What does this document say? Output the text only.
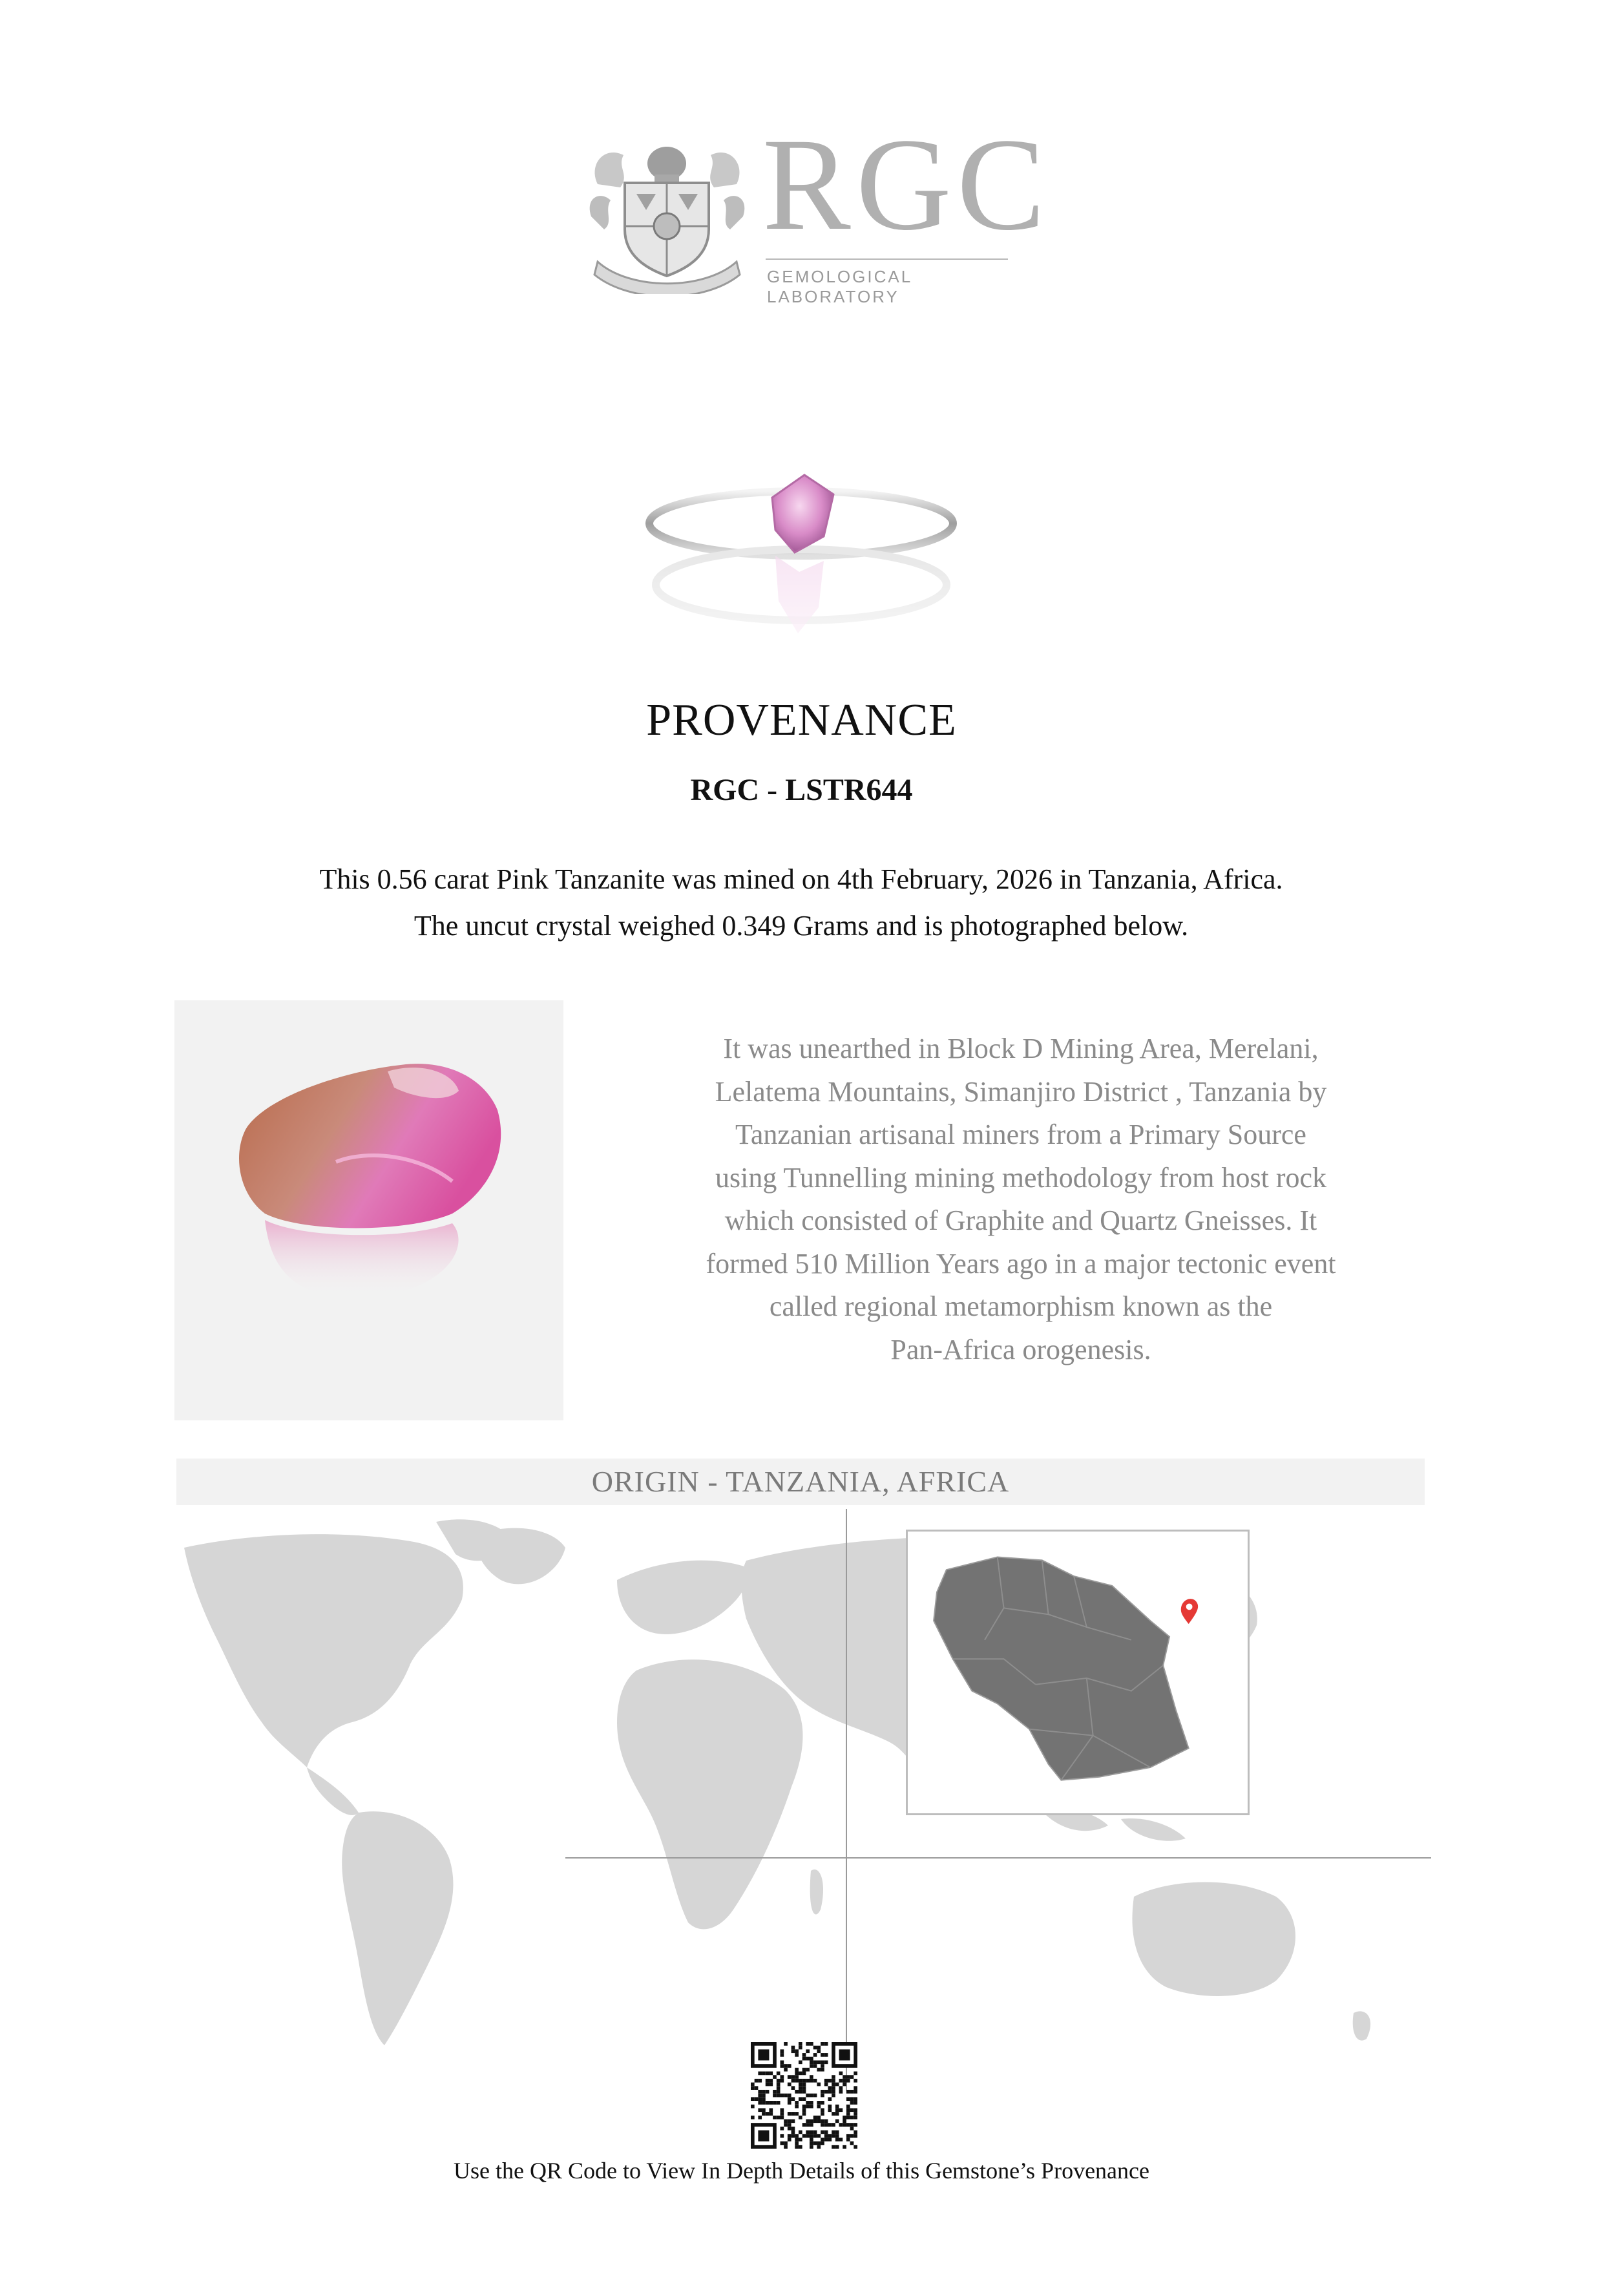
RGC
GEMOLOGICAL LABORATORY
PROVENANCE
RGC - LSTR644
This 0.56 carat Pink Tanzanite was mined on 4th February, 2026 in Tanzania, Africa.
The uncut crystal weighed 0.349 Grams and is photographed below.
It was unearthed in Block D Mining Area, Merelani,
Lelatema Mountains, Simanjiro District , Tanzania by
Tanzanian artisanal miners from a Primary Source
using Tunnelling mining methodology from host rock
which consisted of Graphite and Quartz Gneisses. It
formed 510 Million Years ago in a major tectonic event
called regional metamorphism known as the
Pan-Africa orogenesis.
ORIGIN - TANZANIA, AFRICA
Use the QR Code to View In Depth Details of this Gemstone’s Provenance
